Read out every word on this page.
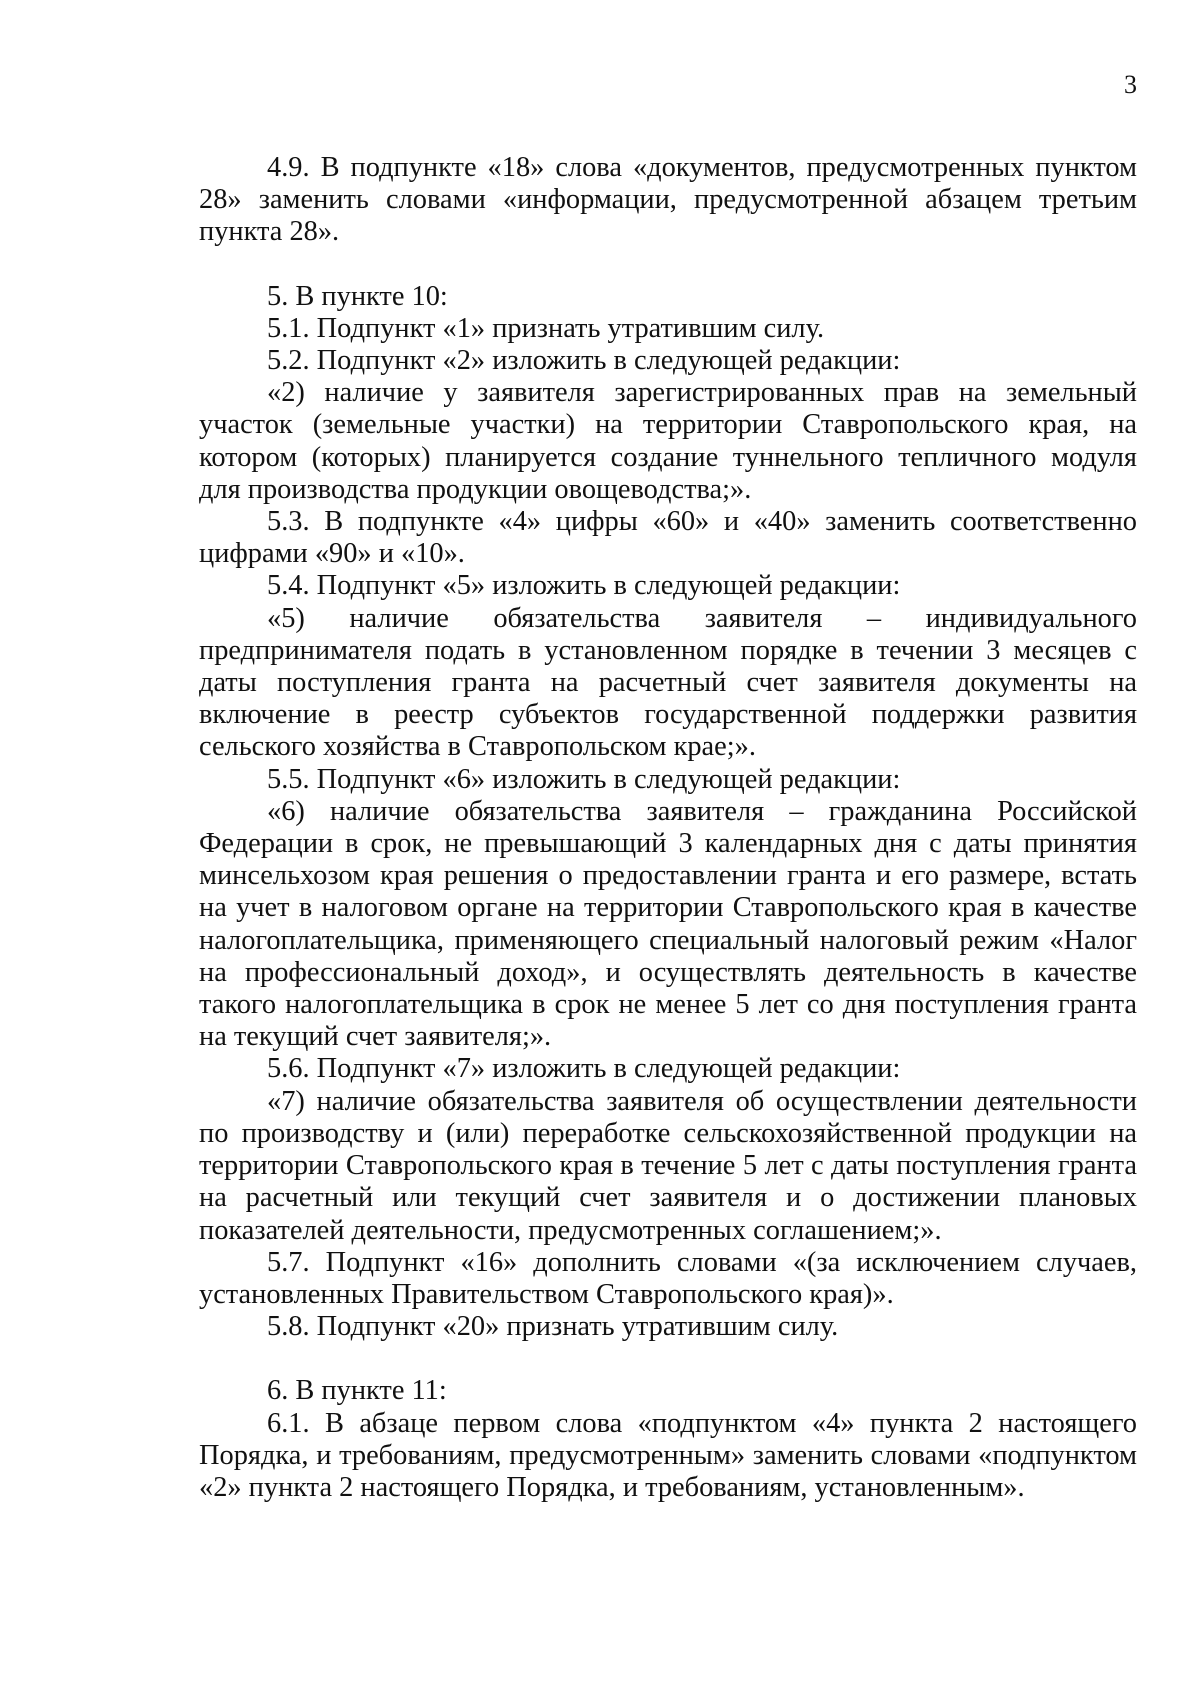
3

4.9. В подпункте «18» слова «документов, предусмотренных пунктом 28» заменить словами «информации, предусмотренной абзацем третьим пункта 28».

5. В пункте 10:

5.1. Подпункт «1» признать утратившим силу.

5.2. Подпункт «2» изложить в следующей редакции:

«2) наличие у заявителя зарегистрированных прав на земельный участок (земельные участки) на территории Ставропольского края, на котором (которых) планируется создание туннельного тепличного модуля для производства продукции овощеводства;».

5.3. В подпункте «4» цифры «60» и «40» заменить соответственно цифрами «90» и «10».

5.4. Подпункт «5» изложить в следующей редакции:

«5) наличие обязательства заявителя – индивидуального предпринимателя подать в установленном порядке в течении 3 месяцев с даты поступления гранта на расчетный счет заявителя документы на включение в реестр субъектов государственной поддержки развития сельского хозяйства в Ставропольском крае;».

5.5. Подпункт «6» изложить в следующей редакции:

«6) наличие обязательства заявителя – гражданина Российской Федерации в срок, не превышающий 3 календарных дня с даты принятия минсельхозом края решения о предоставлении гранта и его размере, встать на учет в налоговом органе на территории Ставропольского края в качестве налогоплательщика, применяющего специальный налоговый режим «Налог на профессиональный доход», и осуществлять деятельность в качестве такого налогоплательщика в срок не менее 5 лет со дня поступления гранта на текущий счет заявителя;».

5.6. Подпункт «7» изложить в следующей редакции:

«7) наличие обязательства заявителя об осуществлении деятельности по производству и (или) переработке сельскохозяйственной продукции на территории Ставропольского края в течение 5 лет с даты поступления гранта на расчетный или текущий счет заявителя и о достижении плановых показателей деятельности, предусмотренных соглашением;».

5.7. Подпункт «16» дополнить словами «(за исключением случаев, установленных Правительством Ставропольского края)».

5.8. Подпункт «20» признать утратившим силу.

6. В пункте 11:

6.1. В абзаце первом слова «подпунктом «4» пункта 2 настоящего Порядка, и требованиям, предусмотренным» заменить словами «подпунктом «2» пункта 2 настоящего Порядка, и требованиям, установленным».
